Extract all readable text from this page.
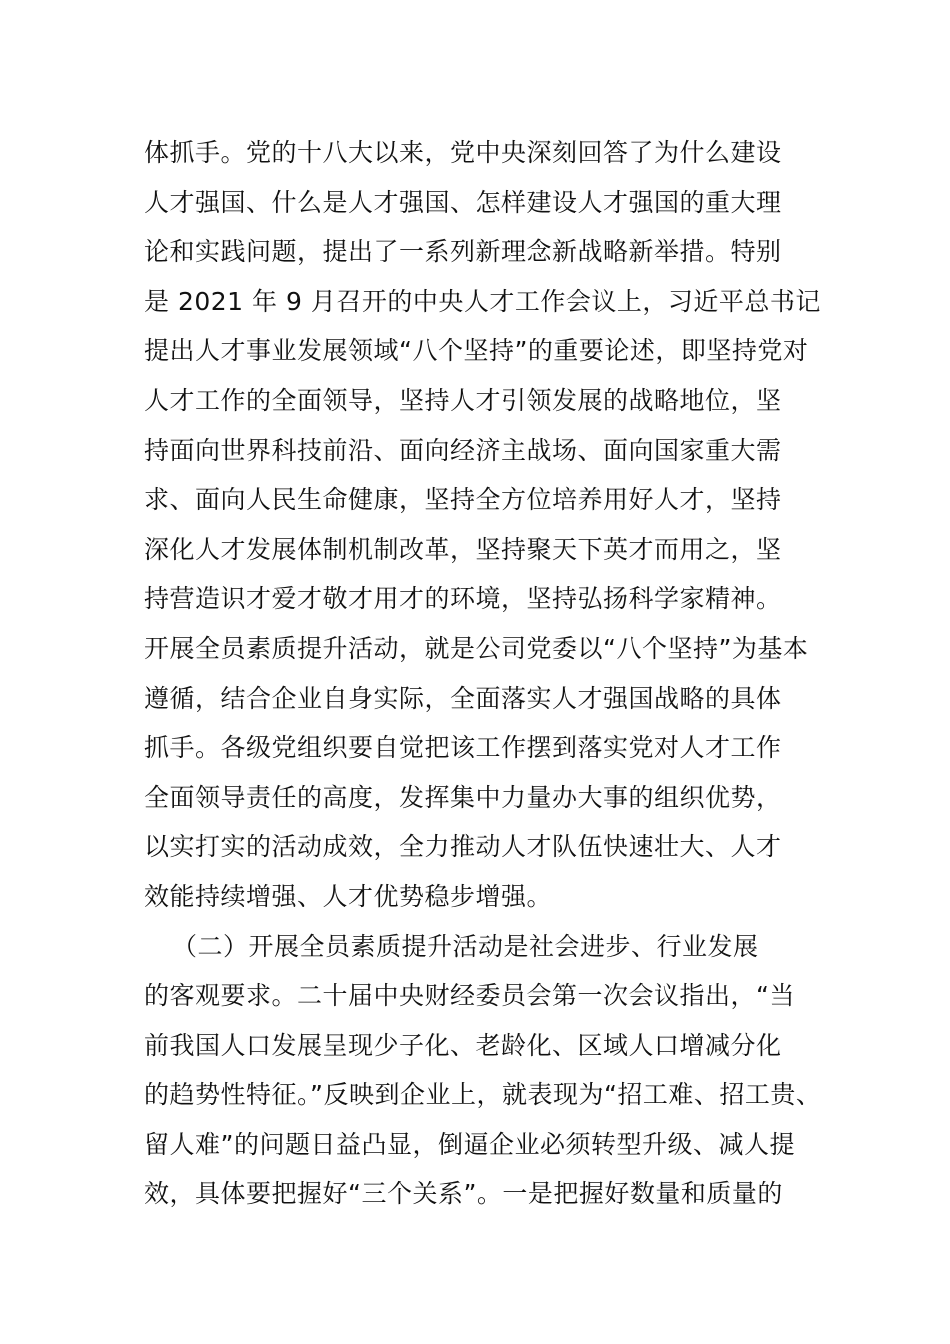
体抓手。党的十八大以来，党中央深刻回答了为什么建设
人才强国、什么是人才强国、怎样建设人才强国的重大理
论和实践问题，提出了一系列新理念新战略新举措。特别
是 2021 年 9 月召开的中央人才工作会议上，习近平总书记
提出人才事业发展领域“八个坚持”的重要论述，即坚持党对
人才工作的全面领导，坚持人才引领发展的战略地位，坚
持面向世界科技前沿、面向经济主战场、面向国家重大需
求、面向人民生命健康，坚持全方位培养用好人才，坚持
深化人才发展体制机制改革，坚持聚天下英才而用之，坚
持营造识才爱才敬才用才的环境，坚持弘扬科学家精神。
开展全员素质提升活动，就是公司党委以“八个坚持”为基本
遵循，结合企业自身实际，全面落实人才强国战略的具体
抓手。各级党组织要自觉把该工作摆到落实党对人才工作
全面领导责任的高度，发挥集中力量办大事的组织优势，
以实打实的活动成效，全力推动人才队伍快速壮大、人才
效能持续增强、人才优势稳步增强。
（二）开展全员素质提升活动是社会进步、行业发展
的客观要求。二十届中央财经委员会第一次会议指出，“当
前我国人口发展呈现少子化、老龄化、区域人口增减分化
的趋势性特征。”反映到企业上，就表现为“招工难、招工贵、
留人难”的问题日益凸显，倒逼企业必须转型升级、减人提
效，具体要把握好“三个关系”。一是把握好数量和质量的
